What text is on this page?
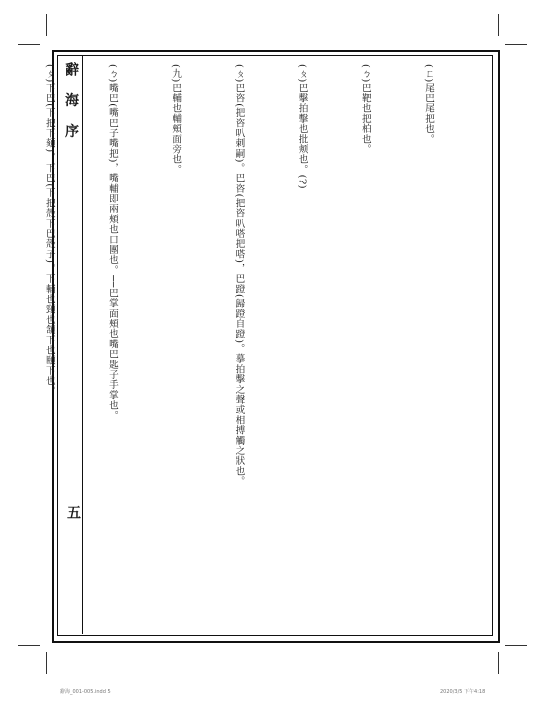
辭 海 序
五
(ㄈ)尾巴尾把也。
(ㄅ)巴靶也把柏也。
(ㄆ)巴擊拍擊也批颊也。(?)
(ㄆ)巴咨(把咨叭刺嗣)。巴咨(把咨叭嗒把嗒)，巴蹬(歸蹬自蹬)。摹拍擊之聲或相搏觸之狀也。
(九)巴輔也輔頰面旁也。
(ㄅ)嘴巴(嘴巴子嘴把)，嘴輔即兩頰也口團也。──巴掌面頰也嘴巴匙子手掌也。
(ㄆ)下巴(下把下頦)，下巴(下把殼下巴殼子)。下輔也頸也頷下也頤下也。
辭海_001-005.indd 5	2020/3/5 下午4:18
